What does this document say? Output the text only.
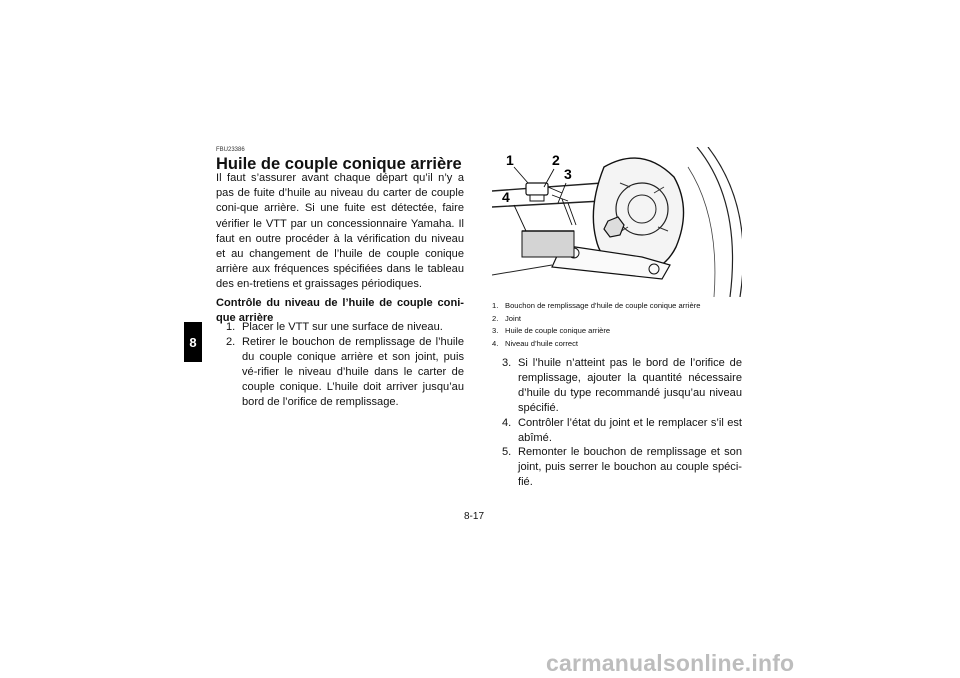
8
FBU23386
Huile de couple conique arrière

Il faut s’assurer avant chaque départ qu’il n’y a pas de fuite d’huile au niveau du carter de couple coni-que arrière. Si une fuite est détectée, faire vérifier le VTT par un concessionnaire Yamaha. Il faut en outre procéder à la vérification du niveau et au changement de l’huile de couple conique arrière aux fréquences spécifiées dans le tableau des en-tretiens et graissages périodiques.

Contrôle du niveau de l’huile de couple coni-que arrière

1. Placer le VTT sur une surface de niveau.
2. Retirer le bouchon de remplissage de l’huile du couple conique arrière et son joint, puis vé-rifier le niveau d’huile dans le carter de couple conique. L’huile doit arriver jusqu’au bord de l’orifice de remplissage.
1	2
3
4
1. Bouchon de remplissage d’huile de couple conique arrière
2. Joint
3. Huile de couple conique arrière
4. Niveau d’huile correct
3. Si l’huile n’atteint pas le bord de l’orifice de remplissage, ajouter la quantité nécessaire d’huile du type recommandé jusqu’au niveau spécifié.
4. Contrôler l’état du joint et le remplacer s’il est abîmé.
5. Remonter le bouchon de remplissage et son joint, puis serrer le bouchon au couple spéci-fié.
8-17
carmanualsonline.info
